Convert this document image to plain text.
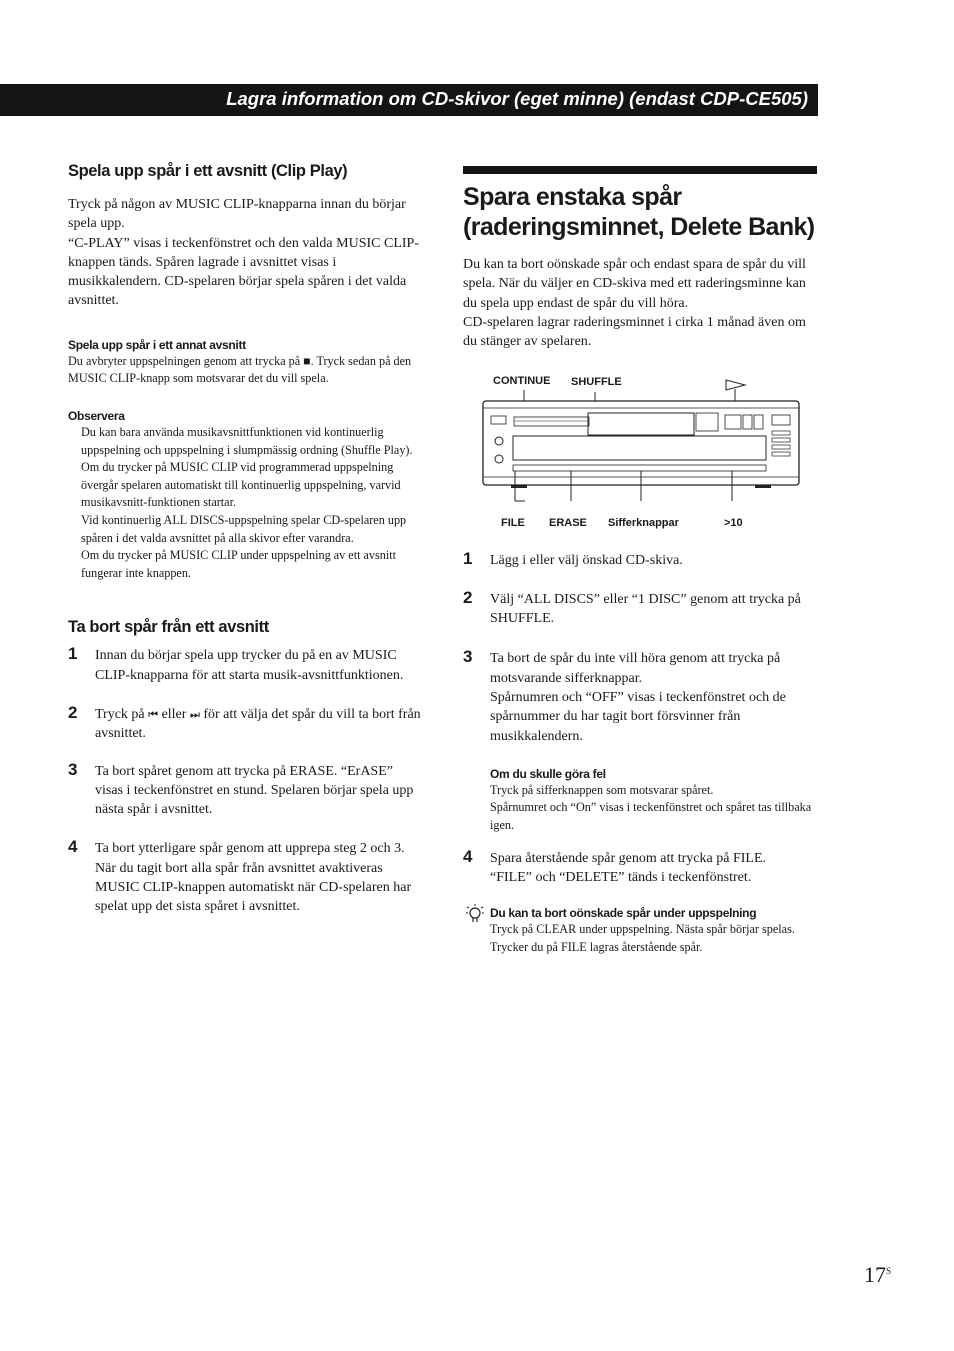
Lagra information om CD-skivor (eget minne) (endast CDP-CE505)
Spela upp spår i ett avsnitt (Clip Play)

Tryck på någon av MUSIC CLIP-knapparna innan du börjar spela upp.

“C-PLAY” visas i teckenfönstret och den valda MUSIC CLIP-knappen tänds. Spåren lagrade i avsnittet visas i musikkalendern. CD-spelaren börjar spela spåren i det valda avsnittet.

Spela upp spår i ett annat avsnitt

Du avbryter uppspelningen genom att trycka på ■. Tryck sedan på den MUSIC CLIP-knapp som motsvarar det du vill spela.

Observera

Du kan bara använda musikavsnittfunktionen vid kontinuerlig uppspelning och uppspelning i slumpmässig ordning (Shuffle Play). Om du trycker på MUSIC CLIP vid programmerad uppspelning övergår spelaren automatiskt till kontinuerlig uppspelning, varvid musikavsnitt-funktionen startar.

Vid kontinuerlig ALL DISCS-uppspelning spelar CD-spelaren upp spåren i det valda avsnittet på alla skivor efter varandra.

Om du trycker på MUSIC CLIP under uppspelning av ett avsnitt fungerar inte knappen.

Ta bort spår från ett avsnitt
1 Innan du börjar spela upp trycker du på en av MUSIC CLIP-knapparna för att starta musik-avsnittfunktionen.

2 Tryck på ⏮ eller ⏭ för att välja det spår du vill ta bort från avsnittet.

3 Ta bort spåret genom att trycka på ERASE. “ErASE” visas i teckenfönstret en stund. Spelaren börjar spela upp nästa spår i avsnittet.

4 Ta bort ytterligare spår genom att upprepa steg 2 och 3.

När du tagit bort alla spår från avsnittet avaktiveras MUSIC CLIP-knappen automatiskt när CD-spelaren har spelat upp det sista spåret i avsnittet.

Spara enstaka spår (raderingsminnet, Delete Bank)

Du kan ta bort oönskade spår och endast spara de spår du vill spela. När du väljer en CD-skiva med ett raderingsminne kan du spela upp endast de spår du vill höra.

CD-spelaren lagrar raderingsminnet i cirka 1 månad även om du stänger av spelaren.

CONTINUE SHUFFLE
FILE ERASE Sifferknappar	>10
1 Lägg i eller välj önskad CD-skiva.

2 Välj “ALL DISCS” eller “1 DISC” genom att trycka på SHUFFLE.

3 Ta bort de spår du inte vill höra genom att trycka på motsvarande sifferknappar.

Spårnumren och “OFF” visas i teckenfönstret och de spårnummer du har tagit bort försvinner från musikkalendern.

Om du skulle göra fel

Tryck på sifferknappen som motsvarar spåret.

Spårnumret och “On” visas i teckenfönstret och spåret tas tillbaka igen.

4 Spara återstående spår genom att trycka på FILE.

“FILE” och “DELETE” tänds i teckenfönstret.

Du kan ta bort oönskade spår under uppspelning

Tryck på CLEAR under uppspelning. Nästa spår börjar spelas.

Trycker du på FILE lagras återstående spår.

$17^S$
